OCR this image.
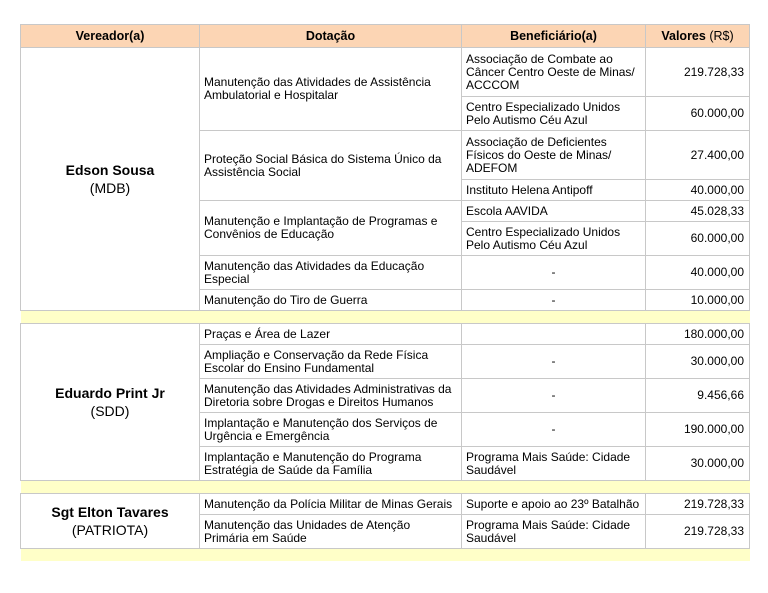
Vereador(a)	Dotação	Beneficiário(a)	Valores (R$)

Edson Sousa
(MDB)	Manutenção das Atividades de Assistência Ambulatorial e Hospitalar	Associação de Combate ao Câncer Centro Oeste de Minas/ ACCCOM	219.728,33
		Centro Especializado Unidos Pelo Autismo Céu Azul	60.000,00
	Proteção Social Básica do Sistema Único da Assistência Social	Associação de Deficientes Físicos do Oeste de Minas/ ADEFOM	27.400,00
		Instituto Helena Antipoff	40.000,00
	Manutenção e Implantação de Programas e Convênios de Educação	Escola AAVIDA	45.028,33
		Centro Especializado Unidos Pelo Autismo Céu Azul	60.000,00
	Manutenção das Atividades da Educação Especial	-	40.000,00
	Manutenção do Tiro de Guerra	-	10.000,00

Eduardo Print Jr
(SDD)	Praças e Área de Lazer		180.000,00
	Ampliação e Conservação da Rede Física Escolar do Ensino Fundamental	-	30.000,00
	Manutenção das Atividades Administrativas da Diretoria sobre Drogas e Direitos Humanos	-	9.456,66
	Implantação e Manutenção dos Serviços de Urgência e Emergência	-	190.000,00
	Implantação e Manutenção do Programa Estratégia de Saúde da Família	Programa Mais Saúde: Cidade Saudável	30.000,00

Sgt Elton Tavares
(PATRIOTA)	Manutenção da Polícia Militar de Minas Gerais	Suporte e apoio ao 23º Batalhão	219.728,33
	Manutenção das Unidades de Atenção Primária em Saúde	Programa Mais Saúde: Cidade Saudável	219.728,33
